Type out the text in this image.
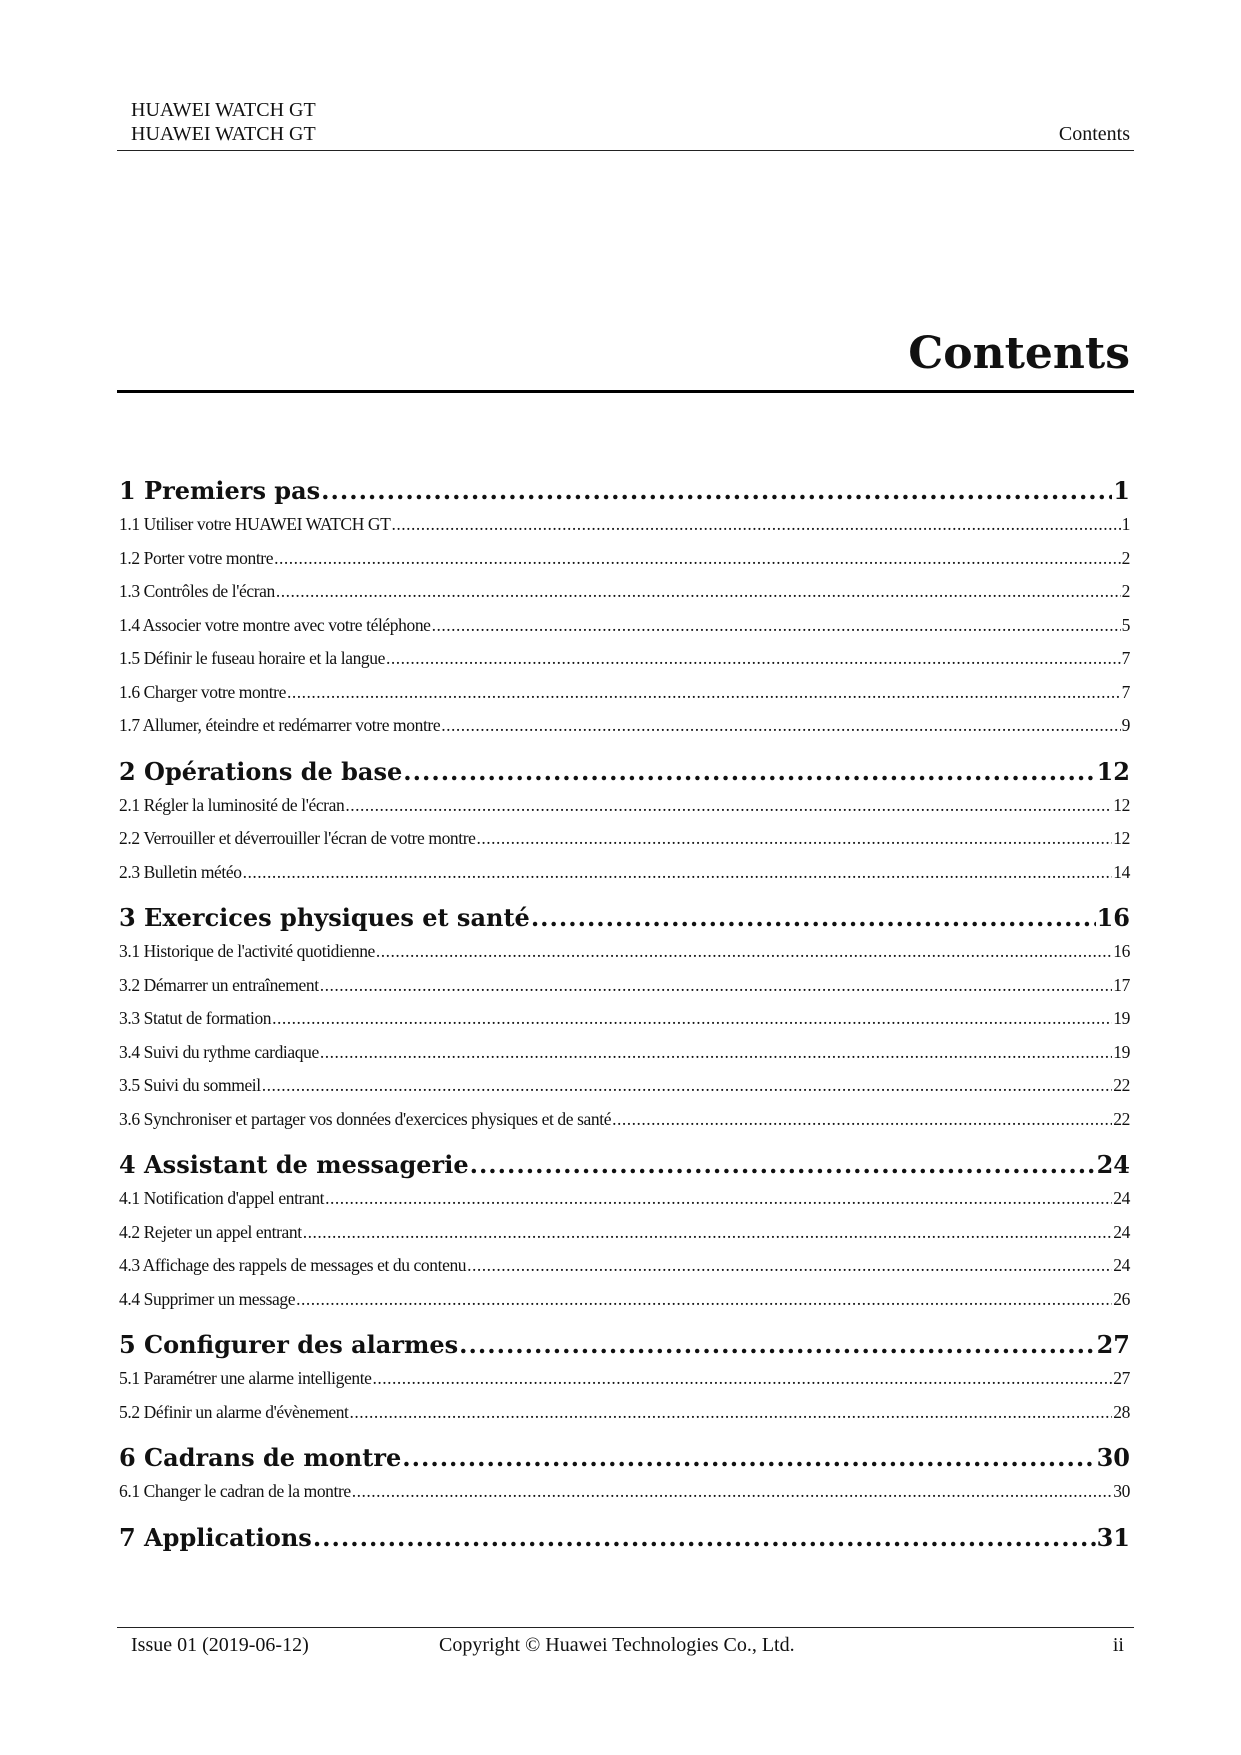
HUAWEI WATCH GT
HUAWEI WATCH GT	Contents
Contents
1 Premiers pas .....	1
1.1 Utiliser votre HUAWEI WATCH GT .....	1
1.2 Porter votre montre .....	2
1.3 Contrôles de l'écran .....	2
1.4 Associer votre montre avec votre téléphone .....	5
1.5 Définir le fuseau horaire et la langue .....	7
1.6 Charger votre montre .....	7
1.7 Allumer, éteindre et redémarrer votre montre .....	9
2 Opérations de base .....	12
2.1 Régler la luminosité de l'écran .....	12
2.2 Verrouiller et déverrouiller l'écran de votre montre .....	12
2.3 Bulletin météo .....	14
3 Exercices physiques et santé .....	16
3.1 Historique de l'activité quotidienne .....	16
3.2 Démarrer un entraînement .....	17
3.3 Statut de formation .....	19
3.4 Suivi du rythme cardiaque .....	19
3.5 Suivi du sommeil .....	22
3.6 Synchroniser et partager vos données d'exercices physiques et de santé .....	22
4 Assistant de messagerie .....	24
4.1 Notification d'appel entrant .....	24
4.2 Rejeter un appel entrant .....	24
4.3 Affichage des rappels de messages et du contenu .....	24
4.4 Supprimer un message .....	26
5 Configurer des alarmes .....	27
5.1 Paramétrer une alarme intelligente .....	27
5.2 Définir un alarme d'évènement .....	28
6 Cadrans de montre .....	30
6.1 Changer le cadran de la montre .....	30
7 Applications .....	31
Issue 01 (2019-06-12)	Copyright © Huawei Technologies Co., Ltd.	ii
